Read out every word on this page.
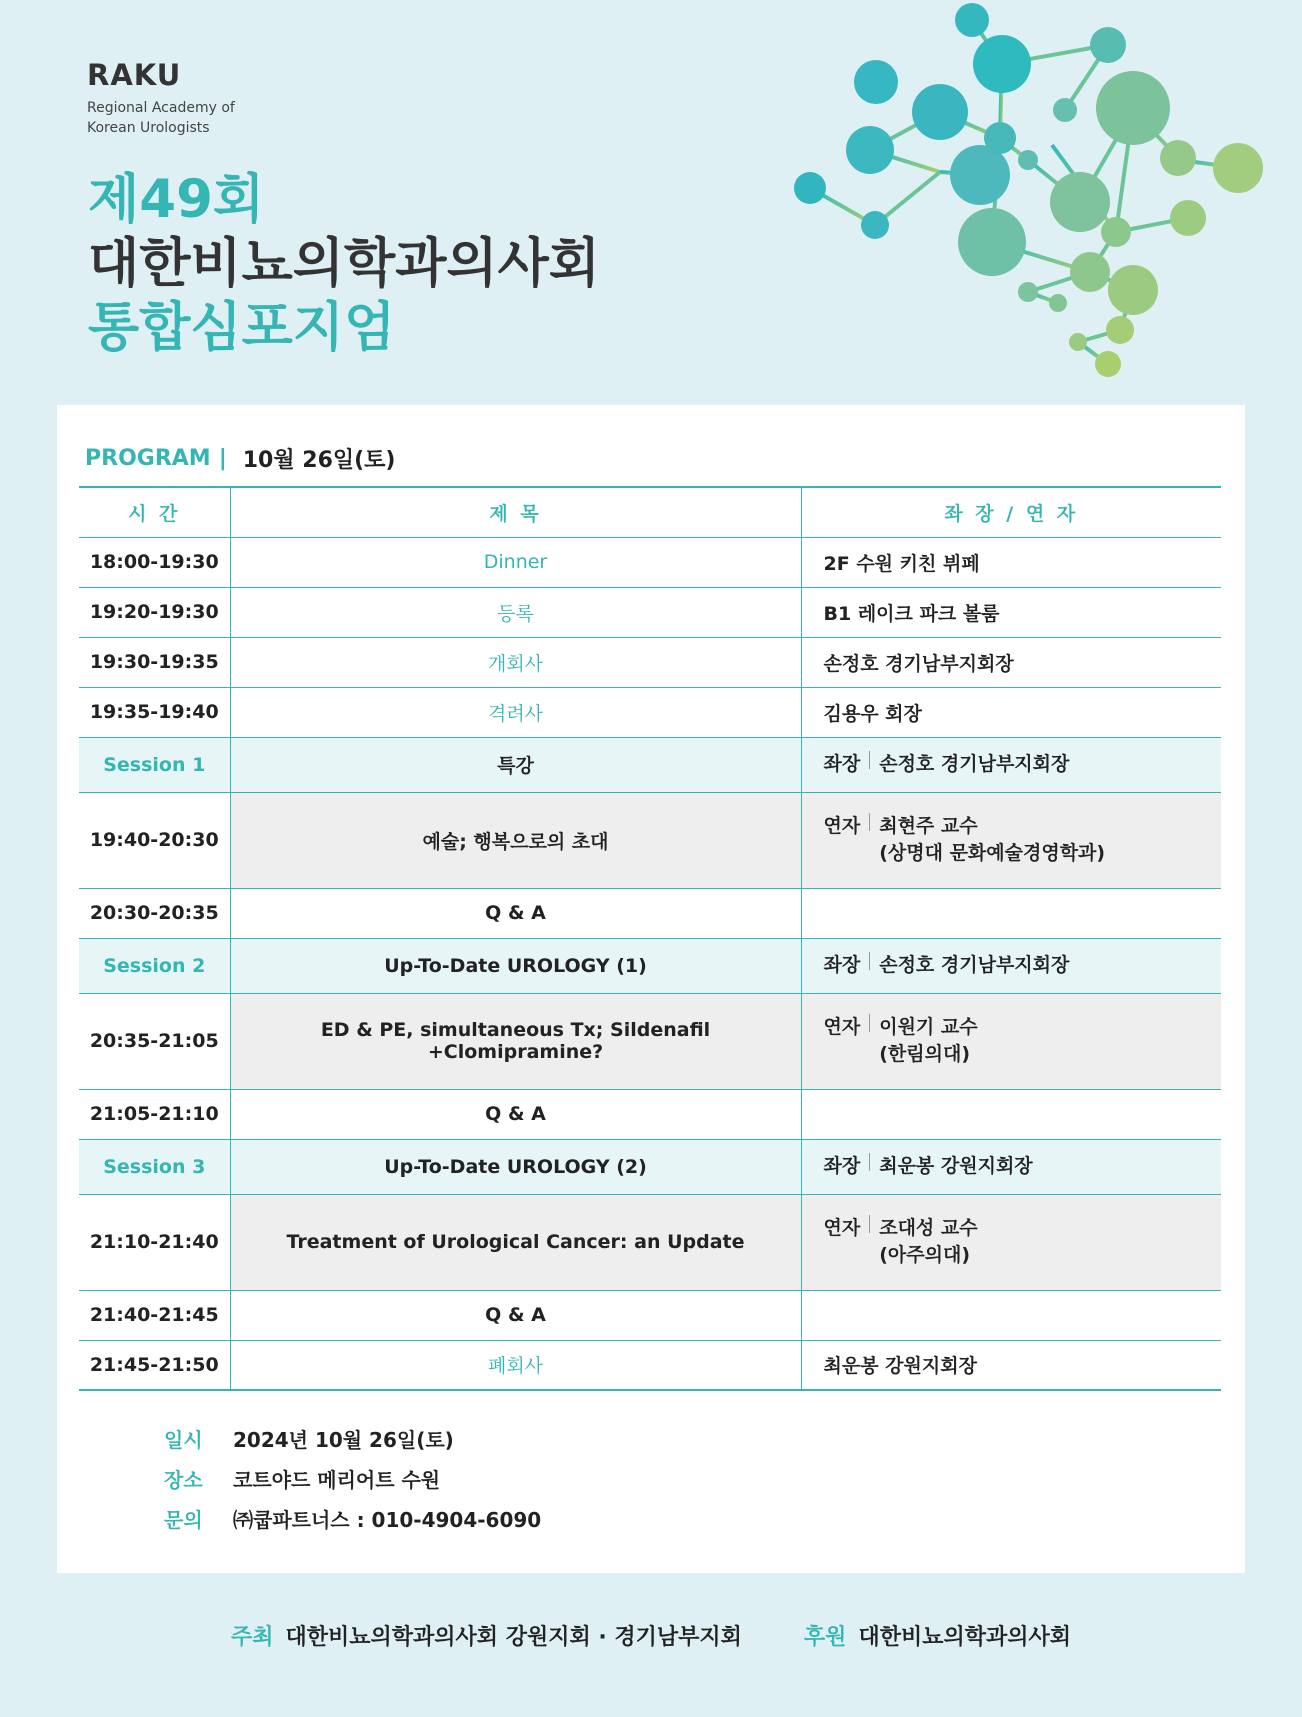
RAKU
Regional Academy of
Korean Urologists
제49회
대한비뇨의학과의사회
통합심포지엄
PROGRAM | 10월 26일(토)
시 간	제 목	좌 장 / 연 자
18:00-19:30	Dinner	2F 수원 키친 뷔페
19:20-19:30	등록	B1 레이크 파크 볼룸
19:30-19:35	개회사	손정호 경기남부지회장
19:35-19:40	격려사	김용우 회장
Session 1	특강	좌장 손정호 경기남부지회장

19:40-20:30	예술; 행복으로의 초대	연자 최현주 교수
(상명대 문화예술경영학과)

20:30-20:35	Q & A	
Session 2	Up-To-Date UROLOGY (1)	좌장 손정호 경기남부지회장

20:35-21:05	ED & PE, simultaneous Tx; Sildenafil +Clomipramine?	연자 이원기 교수
(한림의대)

21:05-21:10	Q & A	
Session 3	Up-To-Date UROLOGY (2)	좌장 최운봉 강원지회장

21:10-21:40	Treatment of Urological Cancer: an Update	연자 조대성 교수
(아주의대)

21:40-21:45	Q & A	
21:45-21:50	폐회사	최운봉 강원지회장
일시	2024년 10월 26일(토)
장소	코트야드 메리어트 수원
문의	㈜쿱파트너스 : 010-4904-6090
주최 대한비뇨의학과의사회 강원지회 · 경기남부지회	후원 대한비뇨의학과의사회
